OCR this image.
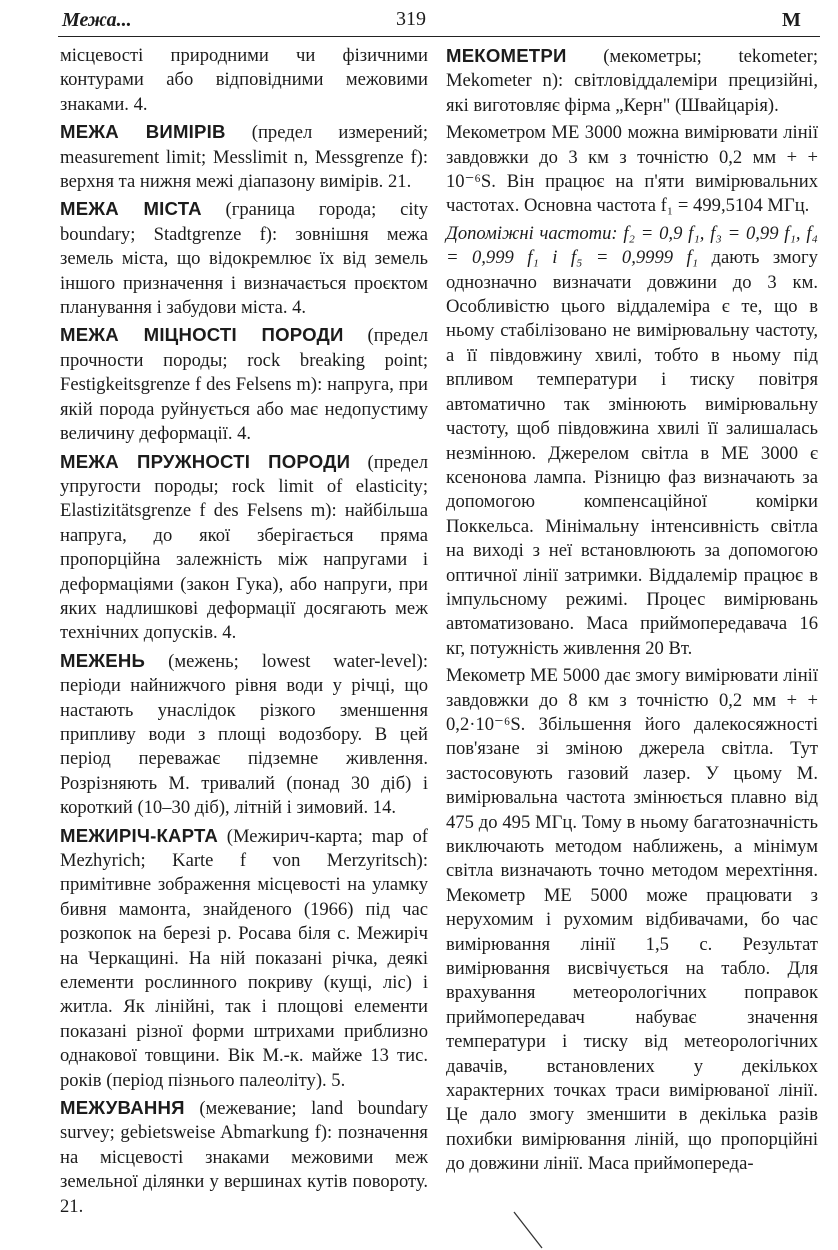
Межа...	319	М

місцевості природними чи фізичними контурами або відповідними межовими знаками. 4.

МЕЖА ВИМІРІВ (предел измерений; measurement limit; Messlimit n, Messgrenze f): верхня та нижня межі діапазону вимірів. 21.

МЕЖА МІСТА (граница города; city boundary; Stadtgrenze f): зовнішня межа земель міста, що відокремлює їх від земель іншого призначення і визначається проєктом планування і забудови міста. 4.

МЕЖА МІЦНОСТІ ПОРОДИ (предел прочности породы; rock breaking point; Festigkeitsgrenze f des Felsens m): напруга, при якій порода руйнується або має недопустиму величину деформації. 4.

МЕЖА ПРУЖНОСТІ ПОРОДИ (предел упругости породы; rock limit of elasticity; Elastizitätsgrenze f des Felsens m): найбільша напруга, до якої зберігається пряма пропорційна залежність між напругами і деформаціями (закон Гука), або напруги, при яких надлишкові деформації досягають меж технічних допусків. 4.

МЕЖЕНЬ (межень; lowest water-level): періоди найнижчого рівня води у річці, що настають унаслідок різкого зменшення припливу води з площі водозбору. В цей період переважає підземне живлення. Розрізняють М. тривалий (понад 30 діб) і короткий (10–30 діб), літній і зимовий. 14.

МЕЖИРІЧ-КАРТА (Межирич-карта; map of Mezhyrich; Karte f von Merzyritsch): примітивне зображення місцевості на уламку бивня мамонта, знайденого (1966) під час розкопок на березі р. Росава біля с. Межиріч на Черкащині. На ній показані річка, деякі елементи рослинного покриву (кущі, ліс) і житла. Як лінійні, так і площові елементи показані різної форми штрихами приблизно однакової товщини. Вік М.-к. майже 13 тис. років (період пізнього палеоліту). 5.

МЕЖУВАННЯ (межевание; land boundary survey; gebietsweise Abmarkung f): позначення на місцевості знаками межовими меж земельної ділянки у вершинах кутів повороту. 21.

МЕКОМЕТРИ (мекометры; tekometer; Mekometer n): світловіддалеміри прецизійні, які виготовляє фірма „Керн" (Швайцарія).

Мекометром ME 3000 можна вимірювати лінії завдовжки до 3 км з точністю 0,2 мм + + 10⁻⁶S. Він працює на п'яти вимірювальних частотах. Основна частота f₁ = 499,5104 МГц.

Допоміжні частоти: f₂ = 0,9 f₁, f₃ = 0,99 f₁, f₄ = 0,999 f₁ і f₅ = 0,9999 f₁ дають змогу однозначно визначати довжини до 3 км. Особливістю цього віддалеміра є те, що в ньому стабілізовано не вимірювальну частоту, а її півдовжину хвилі, тобто в ньому під впливом температури і тиску повітря автоматично так змінюють вимірювальну частоту, щоб півдовжина хвилі її залишалась незмінною. Джерелом світла в ME 3000 є ксенонова лампа. Різницю фаз визначають за допомогою компенсаційної комірки Поккельса. Мінімальну інтенсивність світла на виході з неї встановлюють за допомогою оптичної лінії затримки. Віддалемір працює в імпульсному режимі. Процес вимірювань автоматизовано. Маса приймопередавача 16 кг, потужність живлення 20 Вт.

Мекометр ME 5000 дає змогу вимірювати лінії завдовжки до 8 км з точністю 0,2 мм + + 0,2·10⁻⁶S. Збільшення його далекосяжності пов'язане зі зміною джерела світла. Тут застосовують газовий лазер. У цьому М. вимірювальна частота змінюється плавно від 475 до 495 МГц. Тому в ньому багатозначність виключають методом наближень, а мінімум світла визначають точно методом мерехтіння. Мекометр ME 5000 може працювати з нерухомим і рухомим відбивачами, бо час вимірювання лінії 1,5 с. Результат вимірювання висвічується на табло. Для врахування метеорологічних поправок приймопередавач набуває значення температури і тиску від метеорологічних давачів, встановлених у декількох характерних точках траси вимірюваної лінії. Це дало змогу зменшити в декілька разів похибки вимірювання ліній, що пропорційні до довжини лінії. Маса приймопереда-
